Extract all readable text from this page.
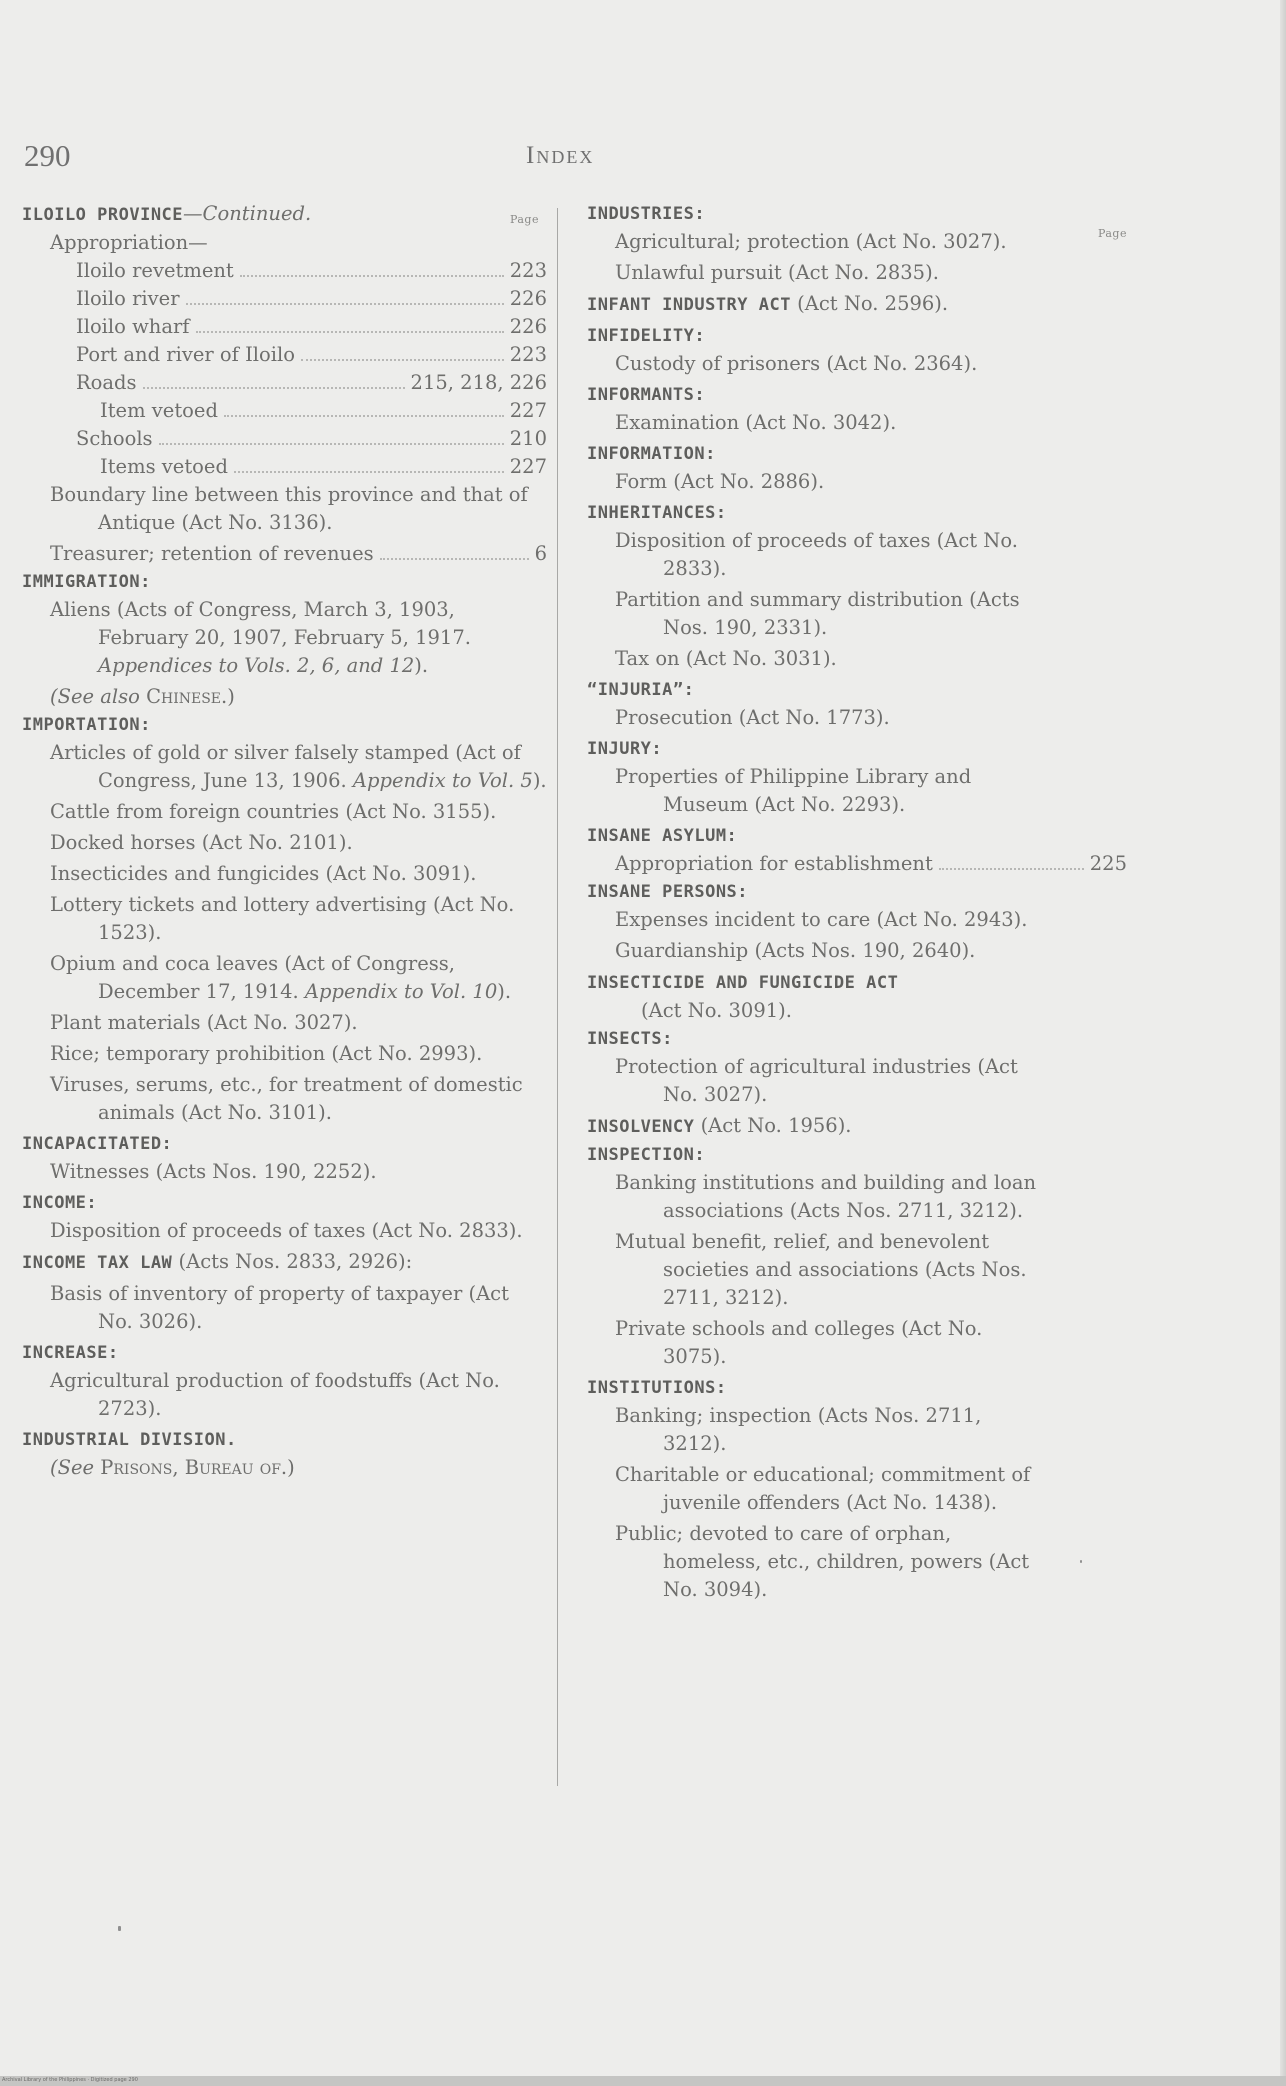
290	Index
Page

ILOILO PROVINCE—Continued.

Appropriation—

Iloilo revetment	223
Iloilo river	226
Iloilo wharf	226
Port and river of Iloilo	223
Roads	215, 218, 226
Item vetoed	227
Schools	210
Items vetoed	227

Boundary line between this province and that of Antique (Act No. 3136).

Treasurer; retention of revenues	6

IMMIGRATION:

Aliens (Acts of Congress, March 3, 1903, February 20, 1907, February 5, 1917. Appendices to Vols. 2, 6, and 12).

(See also Chinese.)

IMPORTATION:

Articles of gold or silver falsely stamped (Act of Congress, June 13, 1906. Appendix to Vol. 5).

Cattle from foreign countries (Act No. 3155).

Docked horses (Act No. 2101).

Insecticides and fungicides (Act No. 3091).

Lottery tickets and lottery advertising (Act No. 1523).

Opium and coca leaves (Act of Congress, December 17, 1914. Appendix to Vol. 10).

Plant materials (Act No. 3027).

Rice; temporary prohibition (Act No. 2993).

Viruses, serums, etc., for treatment of domestic animals (Act No. 3101).

INCAPACITATED:

Witnesses (Acts Nos. 190, 2252).

INCOME:

Disposition of proceeds of taxes (Act No. 2833).

INCOME TAX LAW (Acts Nos. 2833, 2926):

Basis of inventory of property of taxpayer (Act No. 3026).

INCREASE:

Agricultural production of foodstuffs (Act No. 2723).

INDUSTRIAL DIVISION.

(See Prisons, Bureau of.)

Page

INDUSTRIES:

Agricultural; protection (Act No. 3027).

Unlawful pursuit (Act No. 2835).

INFANT INDUSTRY ACT (Act No. 2596).

INFIDELITY:

Custody of prisoners (Act No. 2364).

INFORMANTS:

Examination (Act No. 3042).

INFORMATION:

Form (Act No. 2886).

INHERITANCES:

Disposition of proceeds of taxes (Act No. 2833).

Partition and summary distribution (Acts Nos. 190, 2331).

Tax on (Act No. 3031).

“INJURIA”:

Prosecution (Act No. 1773).

INJURY:

Properties of Philippine Library and Museum (Act No. 2293).

INSANE ASYLUM:

Appropriation for establishment	225

INSANE PERSONS:

Expenses incident to care (Act No. 2943).

Guardianship (Acts Nos. 190, 2640).

INSECTICIDE AND FUNGICIDE ACT

(Act No. 3091).

INSECTS:

Protection of agricultural industries (Act No. 3027).

INSOLVENCY (Act No. 1956).

INSPECTION:

Banking institutions and building and loan associations (Acts Nos. 2711, 3212).

Mutual benefit, relief, and benevolent societies and associations (Acts Nos. 2711, 3212).

Private schools and colleges (Act No. 3075).

INSTITUTIONS:

Banking; inspection (Acts Nos. 2711, 3212).

Charitable or educational; commitment of juvenile offenders (Act No. 1438).

Public; devoted to care of orphan, homeless, etc., children, powers (Act No. 3094).

Archival Library of the Philippines · Digitized page 290
